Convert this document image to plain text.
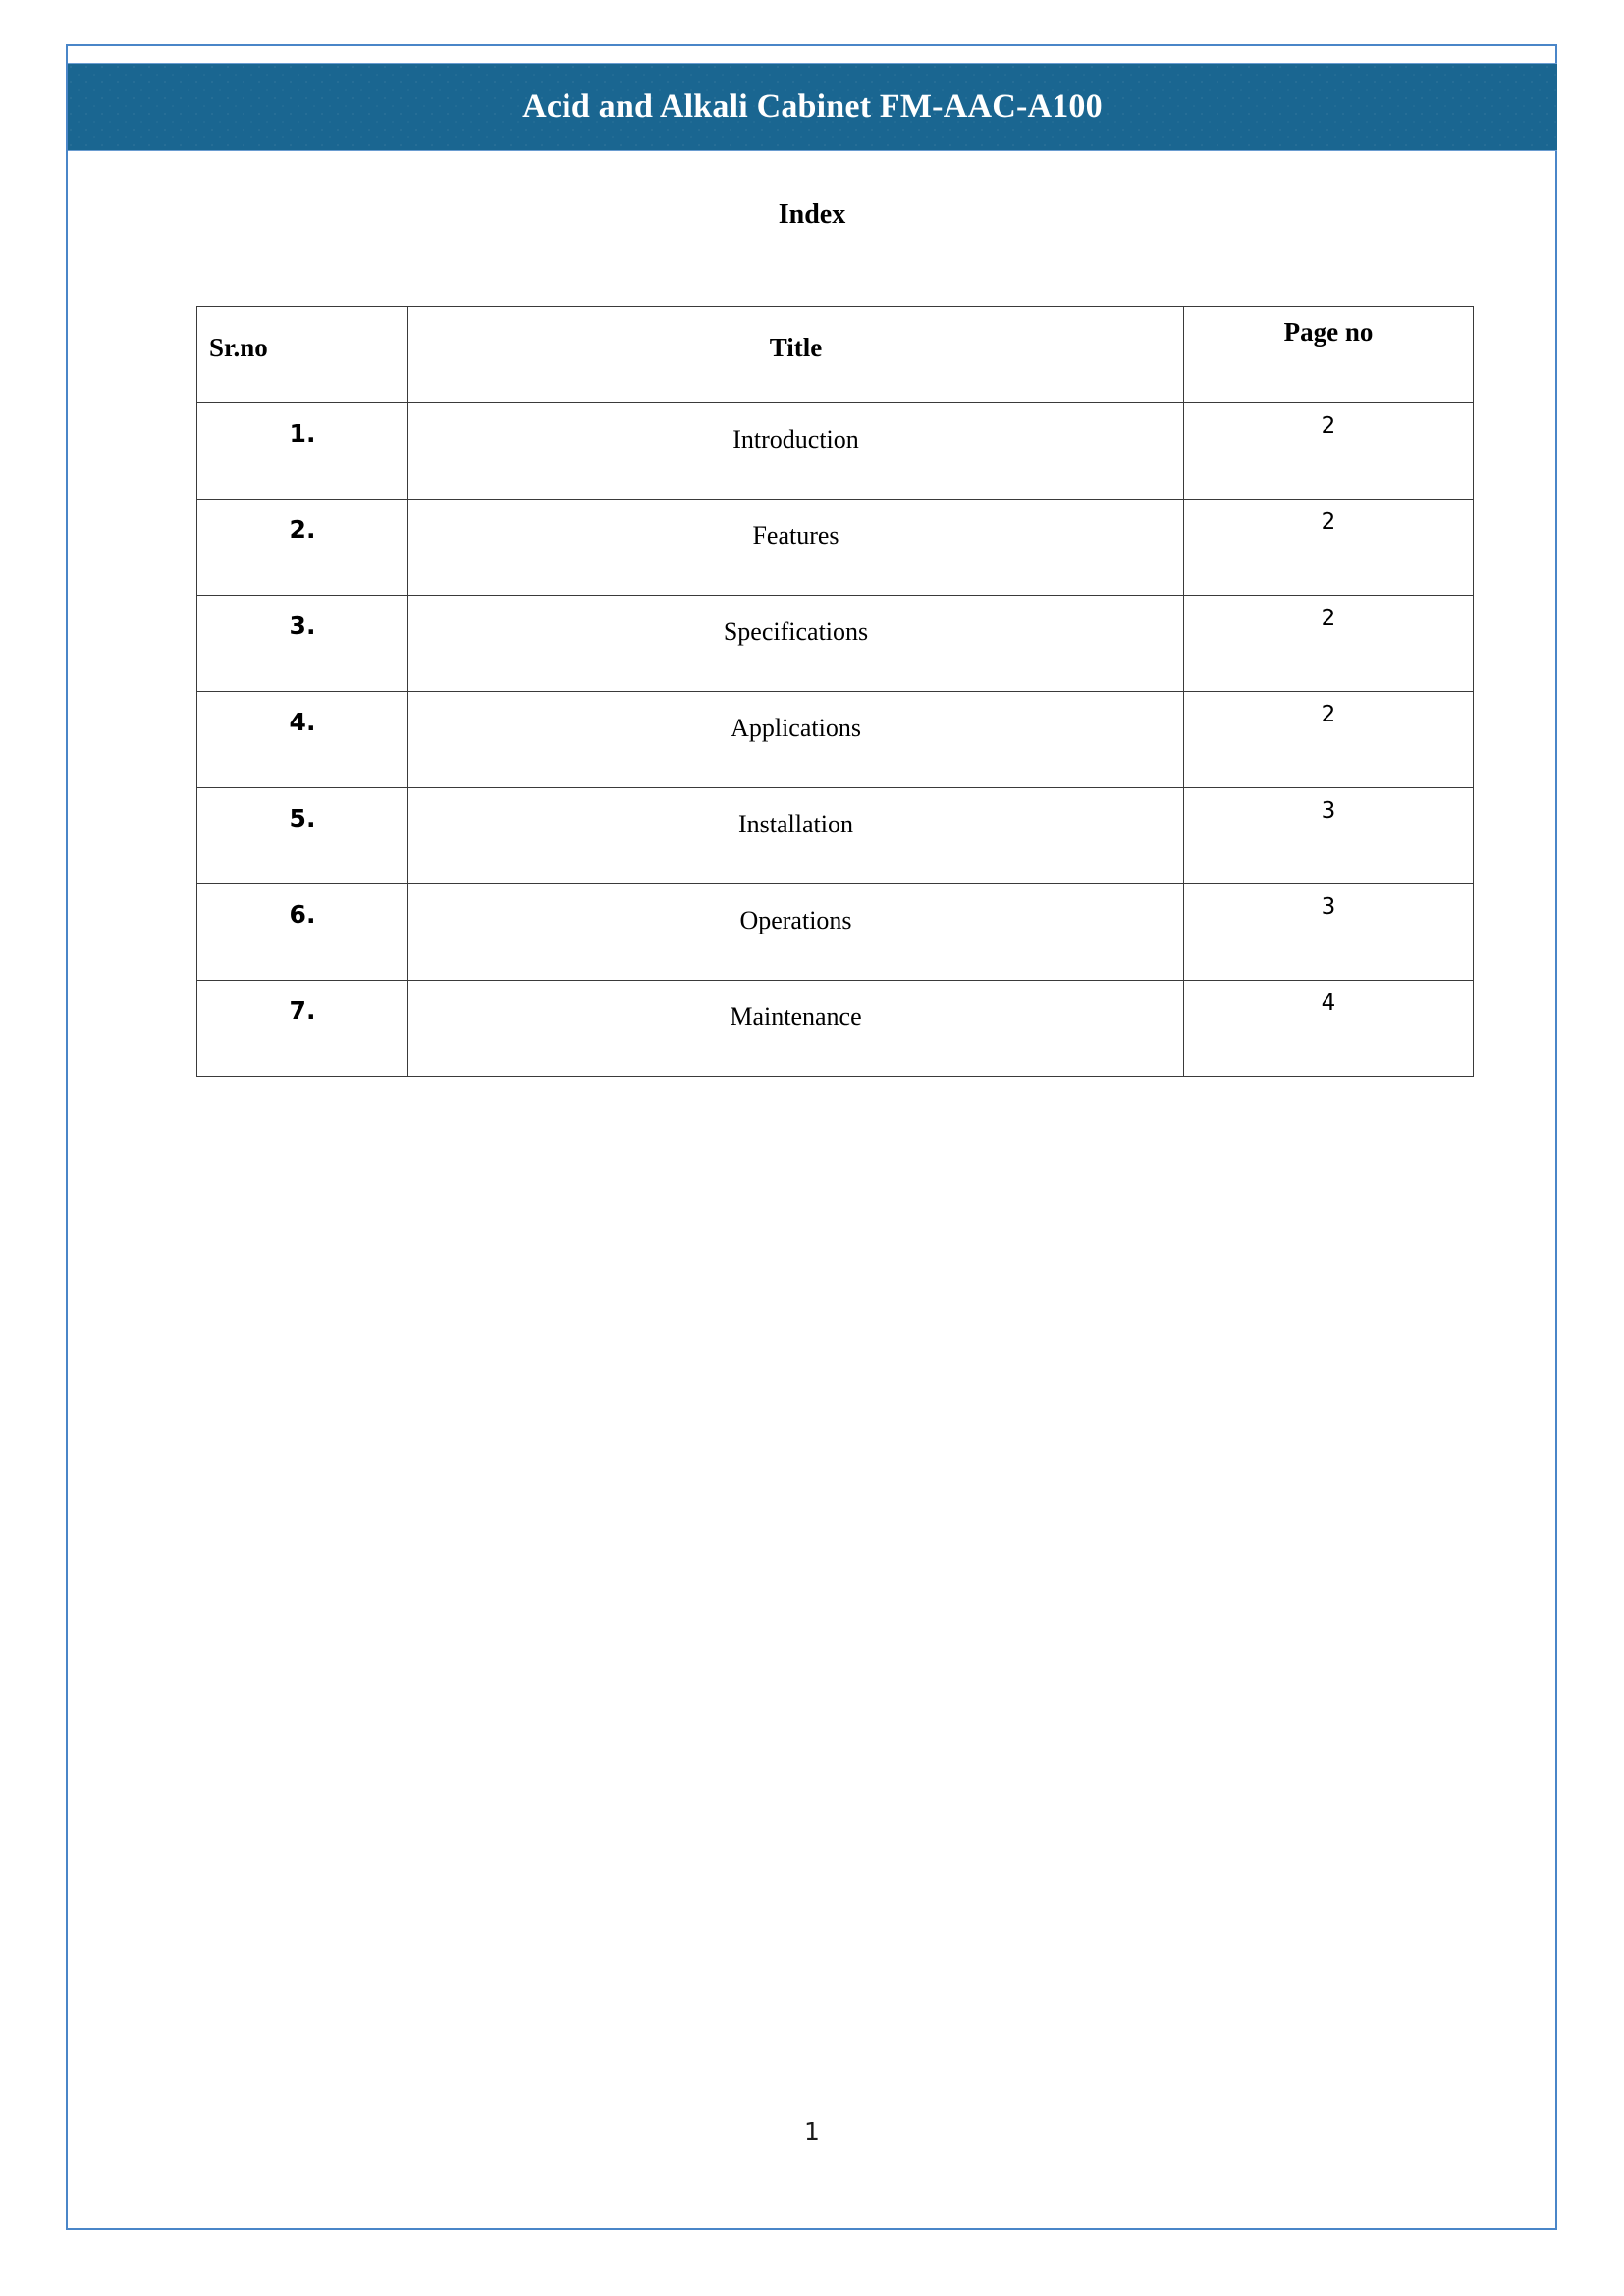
Acid and Alkali Cabinet FM-AAC-A100
Index
Sr.no	Title	Page no
1.	Introduction	2
2.	Features	2
3.	Specifications	2
4.	Applications	2
5.	Installation	3
6.	Operations	3
7.	Maintenance	4
1
